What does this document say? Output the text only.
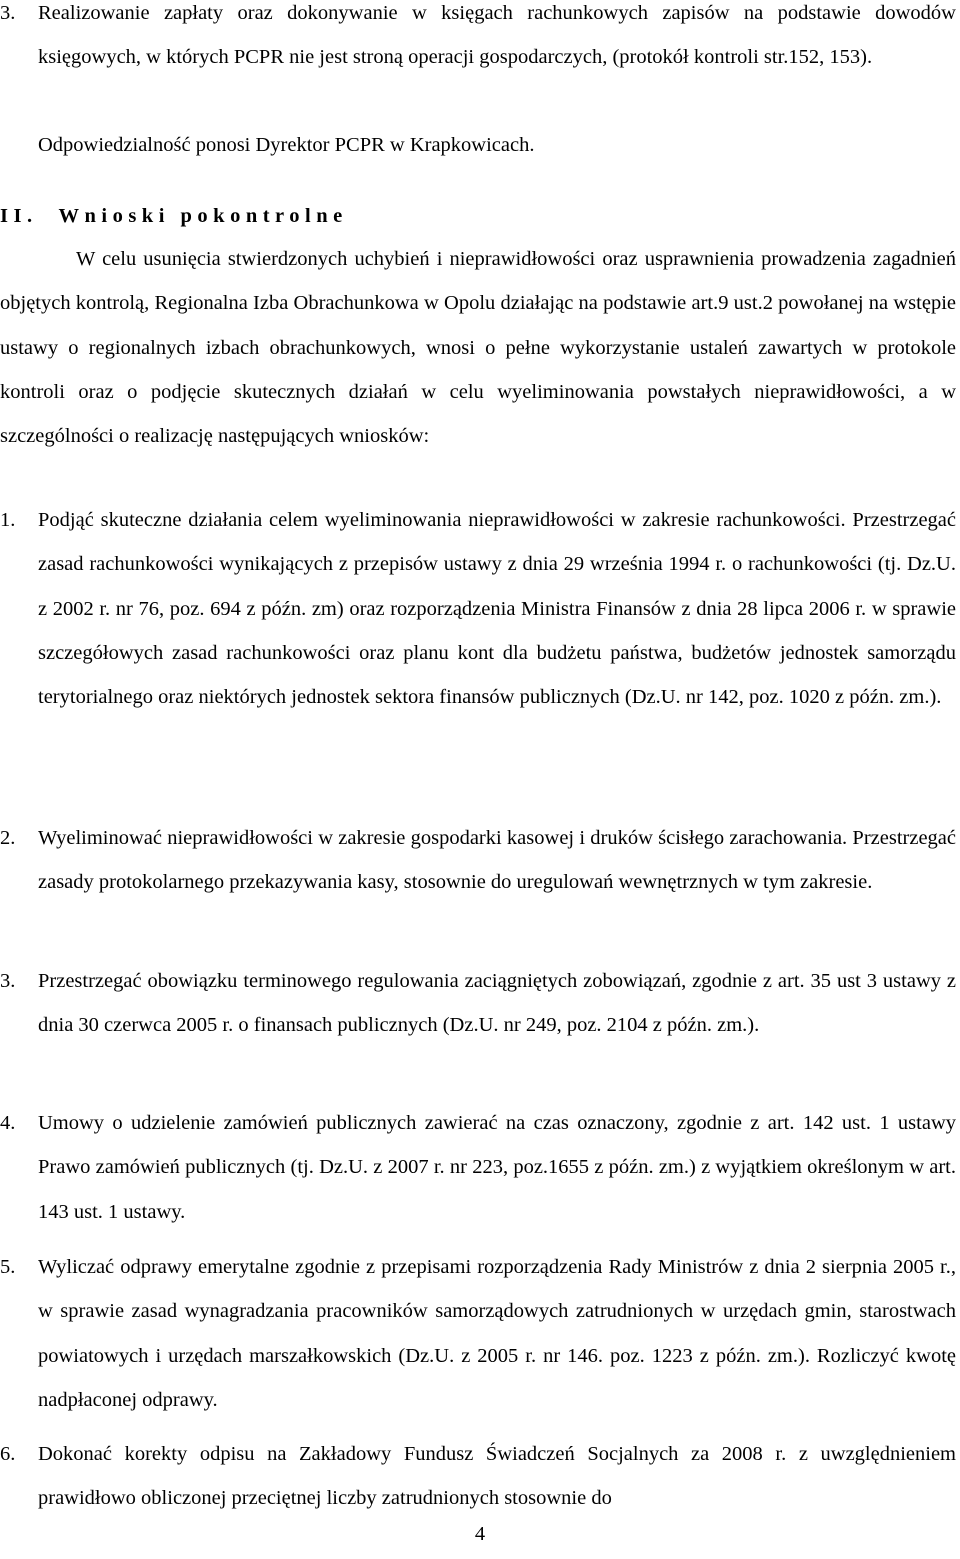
3. Realizowanie zapłaty oraz dokonywanie w księgach rachunkowych zapisów na podstawie dowodów księgowych, w których PCPR nie jest stroną operacji gospodarczych, (protokół kontroli str.152, 153).
Odpowiedzialność ponosi Dyrektor PCPR w Krapkowicach.
II. Wnioski pokontrolne
W celu usunięcia stwierdzonych uchybień i nieprawidłowości oraz usprawnienia prowadzenia zagadnień objętych kontrolą, Regionalna Izba Obrachunkowa w Opolu działając na podstawie art.9 ust.2 powołanej na wstępie ustawy o regionalnych izbach obrachunkowych, wnosi o pełne wykorzystanie ustaleń zawartych w protokole kontroli oraz o podjęcie skutecznych działań w celu wyeliminowania powstałych nieprawidłowości, a w szczególności o realizację następujących wniosków:
1. Podjąć skuteczne działania celem wyeliminowania nieprawidłowości w zakresie rachunkowości. Przestrzegać zasad rachunkowości wynikających z przepisów ustawy z dnia 29 września 1994 r. o rachunkowości (tj. Dz.U. z 2002 r. nr 76, poz. 694 z późn. zm) oraz rozporządzenia Ministra Finansów z dnia 28 lipca 2006 r. w sprawie szczegółowych zasad rachunkowości oraz planu kont dla budżetu państwa, budżetów jednostek samorządu terytorialnego oraz niektórych jednostek sektora finansów publicznych (Dz.U. nr 142, poz. 1020 z późn. zm.).
2. Wyeliminować nieprawidłowości w zakresie gospodarki kasowej i druków ścisłego zarachowania. Przestrzegać zasady protokolarnego przekazywania kasy, stosownie do uregulowań wewnętrznych w tym zakresie.
3. Przestrzegać obowiązku terminowego regulowania zaciągniętych zobowiązań, zgodnie z art. 35 ust 3 ustawy z dnia 30 czerwca 2005 r. o finansach publicznych (Dz.U. nr 249, poz. 2104 z późn. zm.).
4. Umowy o udzielenie zamówień publicznych zawierać na czas oznaczony, zgodnie z art. 142 ust. 1 ustawy Prawo zamówień publicznych (tj. Dz.U. z 2007 r. nr 223, poz.1655 z późn. zm.) z wyjątkiem określonym w art. 143 ust. 1 ustawy.
5. Wyliczać odprawy emerytalne zgodnie z przepisami rozporządzenia Rady Ministrów z dnia 2 sierpnia 2005 r., w sprawie zasad wynagradzania pracowników samorządowych zatrudnionych w urzędach gmin, starostwach powiatowych i urzędach marszałkowskich (Dz.U. z 2005 r. nr 146. poz. 1223 z późn. zm.). Rozliczyć kwotę nadpłaconej odprawy.
6. Dokonać korekty odpisu na Zakładowy Fundusz Świadczeń Socjalnych za 2008 r. z uwzględnieniem prawidłowo obliczonej przeciętnej liczby zatrudnionych stosownie do
4
